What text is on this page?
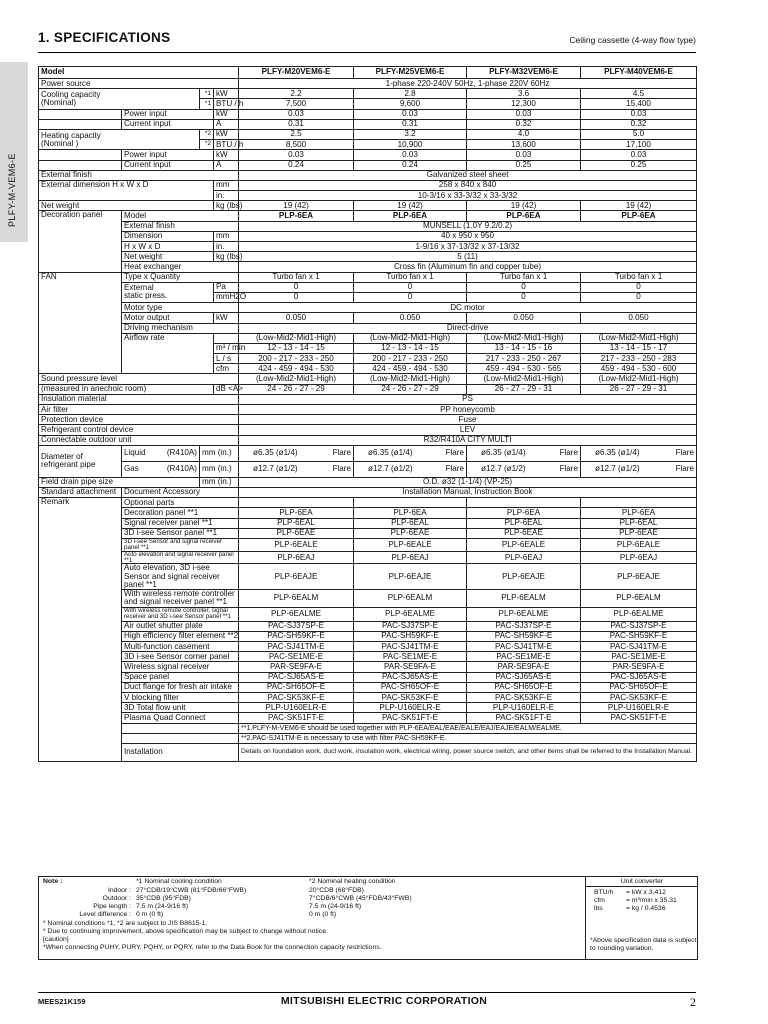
1. SPECIFICATIONS	Ceiling cassette (4-way flow type)
PLFY-M-VEM6-E
Model				PLFY-M20VEM6-E	PLFY-M25VEM6-E	PLFY-M32VEM6-E	PLFY-M40VEM6-E
Power source				1-phase 220-240V 50Hz, 1-phase 220V 60Hz			
Cooling capacity
(Nominal)		*1	kW	2.2	2.8	3.6	4.5
		*1	BTU / h	7,500	9,600	12,300	15,400
	Power input		kW	0.03	0.03	0.03	0.03
	Current input		A	0.31	0.31	0.32	0.32
Heating capacity
(Nominal )		*2	kW	2.5	3.2	4.0	5.0
		*2	BTU / h	8,500	10,900	13,600	17,100
	Power input		kW	0.03	0.03	0.03	0.03
	Current input		A	0.24	0.24	0.25	0.25
External finish				Galvanized steel sheet			
External dimension H x W x D			mm	258 x 840 x 840			
			in.	10-3/16 x 33-3/32 x 33-3/32			
Net weight			kg (lbs)	19 (42)	19 (42)	19 (42)	19 (42)
Decoration panel	Model			PLP-6EA	PLP-6EA	PLP-6EA	PLP-6EA
	External finish			MUNSELL (1.0Y 9.2/0.2)			
	Dimension		mm	40 x 950 x 950			
	H x W x D		in.	1-9/16 x 37-13/32 x 37-13/32			
	Net weight		kg (lbs)	5 (11)			
	Heat exchanger			Cross fin (Aluminum fin and copper tube)			
FAN	Type x Quantity			Turbo fan x 1	Turbo fan x 1	Turbo fan x 1	Turbo fan x 1
	External
static press.		Pa	0	0	0	0
			mmH2O	0	0	0	0
	Motor type			DC motor			
	Motor output		kW	0.050	0.050	0.050	0.050
	Driving mechanism			Direct-drive			
	Airflow rate			(Low-Mid2-Mid1-High)	(Low-Mid2-Mid1-High)	(Low-Mid2-Mid1-High)	(Low-Mid2-Mid1-High)
			m³ / min	12 - 13 - 14 - 15	12 - 13 - 14 - 15	13 - 14 - 15 - 16	13 - 14 - 15 - 17
			L / s	200 - 217 - 233 - 250	200 - 217 - 233 - 250	217 - 233 - 250 - 267	217 - 233 - 250 - 283
			cfm	424 - 459 - 494 - 530	424 - 459 - 494 - 530	459 - 494 - 530 - 565	459 - 494 - 530 - 600
Sound pressure level				(Low-Mid2-Mid1-High)	(Low-Mid2-Mid1-High)	(Low-Mid2-Mid1-High)	(Low-Mid2-Mid1-High)
(measured in anechoic room)			dB <A>	24 - 26 - 27 - 29	24 - 26 - 27 - 29	26 - 27 - 29 - 31	26 - 27 - 29 - 31
Insulation material				PS			
Air filter				PP honeycomb			
Protection device				Fuse			
Refrigerant control device				LEV			
Connectable outdoor unit				R32/R410A CITY MULTI			
Diameter of
refrigerant pipe	Liquid (R410A)	mm (in.)		ø6.35 (ø1/4) Flare	ø6.35 (ø1/4) Flare	ø6.35 (ø1/4) Flare	ø6.35 (ø1/4) Flare

	Gas (R410A)	mm (in.)		ø12.7 (ø1/2) Flare	ø12.7 (ø1/2) Flare	ø12.7 (ø1/2) Flare	ø12.7 (ø1/2) Flare

Field drain pipe size		mm (in.)		O.D. ø32 (1-1/4) (VP-25)			
Standard attachment	Document Accessory			Installation Manual, Instruction Book			
Remark	Optional parts						
	Decoration panel **1			PLP-6EA	PLP-6EA	PLP-6EA	PLP-6EA
	Signal receiver panel **1			PLP-6EAL	PLP-6EAL	PLP-6EAL	PLP-6EAL
	3D i-see Sensor panel **1			PLP-6EAE	PLP-6EAE	PLP-6EAE	PLP-6EAE
	3D i-see Sensor and signal receiver panel **1			PLP-6EALE	PLP-6EALE	PLP-6EALE	PLP-6EALE
	Auto elevation and signal receiver panel **1			PLP-6EAJ	PLP-6EAJ	PLP-6EAJ	PLP-6EAJ
	Auto elevation, 3D i-see Sensor and signal receiver panel **1			PLP-6EAJE	PLP-6EAJE	PLP-6EAJE	PLP-6EAJE
	With wireless remote controller and signal receiver panel **1			PLP-6EALM	PLP-6EALM	PLP-6EALM	PLP-6EALM
	With wireless remote controller, signal receiver and 3D i-see Sensor panel **1			PLP-6EALME	PLP-6EALME	PLP-6EALME	PLP-6EALME
	Air outlet shutter plate			PAC-SJ37SP-E	PAC-SJ37SP-E	PAC-SJ37SP-E	PAC-SJ37SP-E
	High efficiency filter element **2			PAC-SH59KF-E	PAC-SH59KF-E	PAC-SH59KF-E	PAC-SH59KF-E
	Multi-function casement			PAC-SJ41TM-E	PAC-SJ41TM-E	PAC-SJ41TM-E	PAC-SJ41TM-E
	3D i-see Sensor corner panel			PAC-SE1ME-E	PAC-SE1ME-E	PAC-SE1ME-E	PAC-SE1ME-E
	Wireless signal receiver			PAR-SE9FA-E	PAR-SE9FA-E	PAR-SE9FA-E	PAR-SE9FA-E
	Space panel			PAC-SJ65AS-E	PAC-SJ65AS-E	PAC-SJ65AS-E	PAC-SJ65AS-E
	Duct flange for fresh air intake			PAC-SH65OF-E	PAC-SH65OF-E	PAC-SH65OF-E	PAC-SH65OF-E
	V blocking filter			PAC-SK53KF-E	PAC-SK53KF-E	PAC-SK53KF-E	PAC-SK53KF-E
	3D Total flow unit			PLP-U160ELR-E	PLP-U160ELR-E	PLP-U160ELR-E	PLP-U160ELR-E
	Plasma Quad Connect			PAC-SK51FT-E	PAC-SK51FT-E	PAC-SK51FT-E	PAC-SK51FT-E
				**1.PLFY-M-VEM6-E should be used together with PLP-6EA/EAL/EAE/EALE/EAJ/EAJE/EALM/EALME.			
				**2.PAC-SJ41TM-E is necessary to use with filter PAC-SH59KF-E.			
	Installation			Details on foundation work, duct work, insulation work, electrical wiring, power source switch, and other items shall be referred to the Installation Manual.			
Note :	*1 Nominal cooling condition	*2 Nominal heating condition
Indoor : 27°CDB/19°CWB (81°FDB/66°FWB)	20°CDB (68°FDB)
Outdoor : 35°CDB (95°FDB)	7°CDB/6°CWB (45°FDB/43°FWB)
Pipe length : 7.5 m (24-9/16 ft)	7.5 m (24-9/16 ft)
Level difference : 0 m (0 ft)	0 m (0 ft)
* Nominal conditions *1, *2 are subject to JIS B8615-1.
* Due to continuing improvement, above specification may be subject to change without notice.
[caution]
*When connecting PUHY, PURY, PQHY, or PQRY, refer to the Data Book for the connection capacity restrictions.
Unit converter
BTU/h = kW x 3,412
cfm	= m³/min x 35.31
lbs	= kg / 0.4536
*Above specification data is subject to rounding variation.
MEES21K159	MITSUBISHI ELECTRIC CORPORATION	2
